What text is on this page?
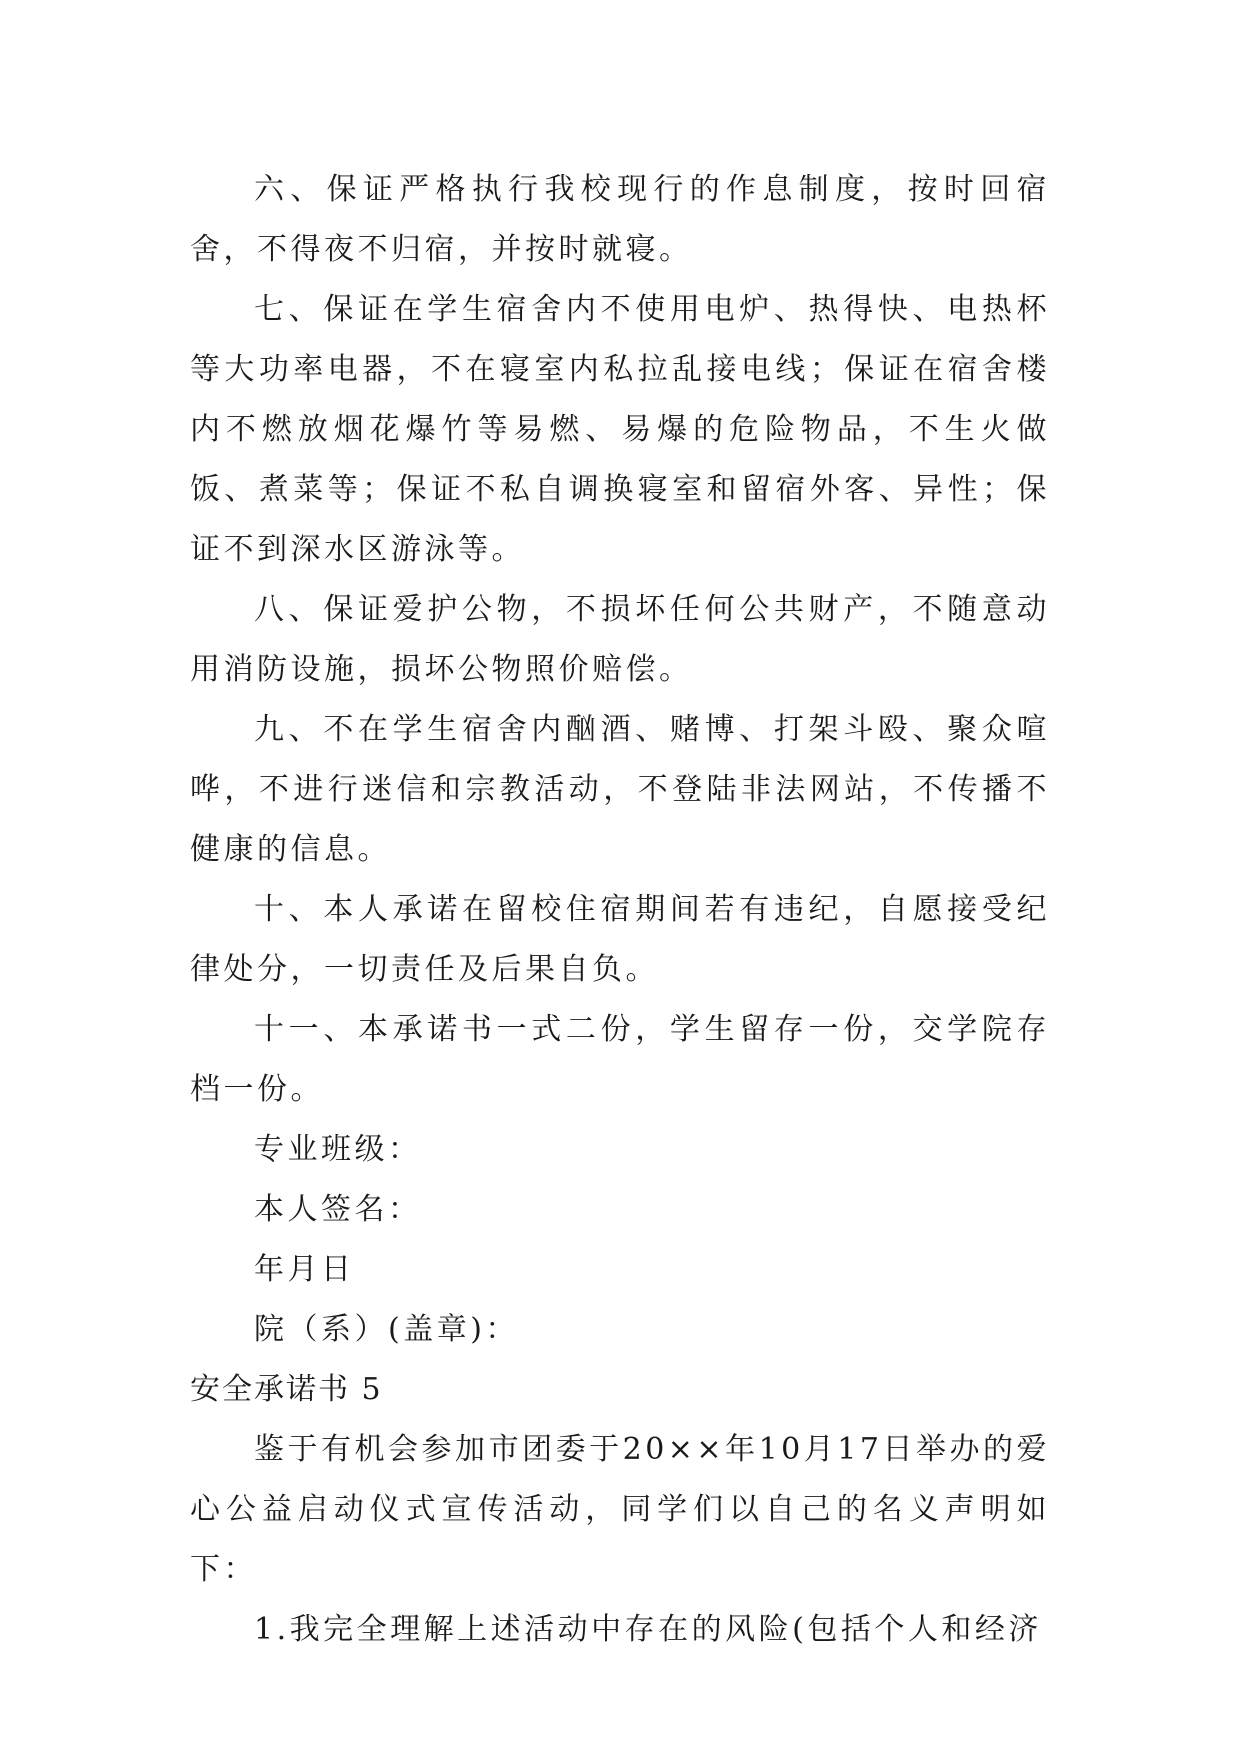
六、保证严格执行我校现行的作息制度，按时回宿舍，不得夜不归宿，并按时就寝。

七、保证在学生宿舍内不使用电炉、热得快、电热杯等大功率电器，不在寝室内私拉乱接电线；保证在宿舍楼内不燃放烟花爆竹等易燃、易爆的危险物品，不生火做饭、煮菜等；保证不私自调换寝室和留宿外客、异性；保证不到深水区游泳等。

八、保证爱护公物，不损坏任何公共财产，不随意动用消防设施，损坏公物照价赔偿。

九、不在学生宿舍内酗酒、赌博、打架斗殴、聚众喧哗，不进行迷信和宗教活动，不登陆非法网站，不传播不健康的信息。

十、本人承诺在留校住宿期间若有违纪，自愿接受纪律处分，一切责任及后果自负。

十一、本承诺书一式二份，学生留存一份，交学院存档一份。

专业班级：

本人签名：

年月日

院（系）(盖章)：

安全承诺书 5

鉴于有机会参加市团委于20××年10月17日举办的爱心公益启动仪式宣传活动，同学们以自己的名义声明如下：

1.我完全理解上述活动中存在的风险(包括个人和经济
